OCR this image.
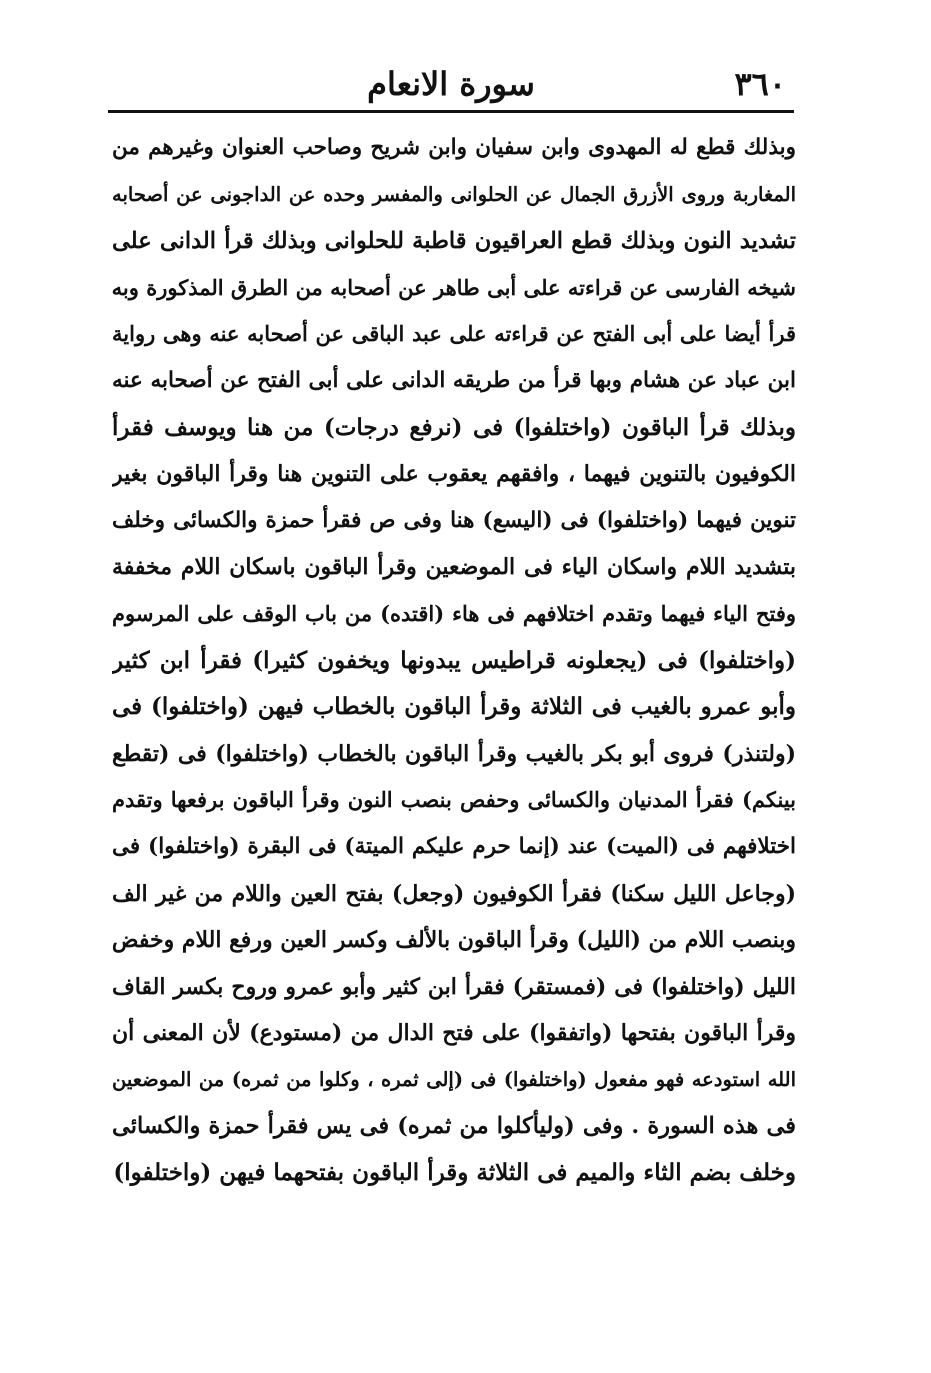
٣٦٠
سورة الانعام
وبذلك قطع له المهدوى وابن سفيان وابن شريح وصاحب العنوان وغيرهم من
المغاربة وروى الأزرق الجمال عن الحلوانى والمفسر وحده عن الداجونى عن أصحابه
تشديد النون وبذلك قطع العراقيون قاطبة للحلوانى وبذلك قرأ الدانى على
شيخه الفارسى عن قراءته على أبى طاهر عن أصحابه من الطرق المذكورة وبه
قرأ أيضا على أبى الفتح عن قراءته على عبد الباقى عن أصحابه عنه وهى رواية
ابن عباد عن هشام وبها قرأ من طريقه الدانى على أبى الفتح عن أصحابه عنه
وبذلك قرأ الباقون (واختلفوا) فى (نرفع درجات) من هنا ويوسف فقرأ
الكوفيون بالتنوين فيهما ، وافقهم يعقوب على التنوين هنا وقرأ الباقون بغير
تنوين فيهما (واختلفوا) فى (اليسع) هنا وفى ص فقرأ حمزة والكسائى وخلف
بتشديد اللام واسكان الياء فى الموضعين وقرأ الباقون باسكان اللام مخففة
وفتح الياء فيهما وتقدم اختلافهم فى هاء (اقتده) من باب الوقف على المرسوم
(واختلفوا) فى (يجعلونه قراطيس يبدونها ويخفون كثيرا) فقرأ ابن كثير
وأبو عمرو بالغيب فى الثلاثة وقرأ الباقون بالخطاب فيهن (واختلفوا) فى
(ولتنذر) فروى أبو بكر بالغيب وقرأ الباقون بالخطاب (واختلفوا) فى (تقطع
بينكم) فقرأ المدنيان والكسائى وحفص بنصب النون وقرأ الباقون برفعها وتقدم
اختلافهم فى (الميت) عند (إنما حرم عليكم الميتة) فى البقرة (واختلفوا) فى
(وجاعل الليل سكنا) فقرأ الكوفيون (وجعل) بفتح العين واللام من غير الف
وبنصب اللام من (الليل) وقرأ الباقون بالألف وكسر العين ورفع اللام وخفض
الليل (واختلفوا) فى (فمستقر) فقرأ ابن كثير وأبو عمرو وروح بكسر القاف
وقرأ الباقون بفتحها (واتفقوا) على فتح الدال من (مستودع) لأن المعنى أن
الله استودعه فهو مفعول (واختلفوا) فى (إلى ثمره ، وكلوا من ثمره) من الموضعين
فى هذه السورة . وفى (وليأكلوا من ثمره) فى يس فقرأ حمزة والكسائى
وخلف بضم الثاء والميم فى الثلاثة وقرأ الباقون بفتحهما فيهن (واختلفوا)
